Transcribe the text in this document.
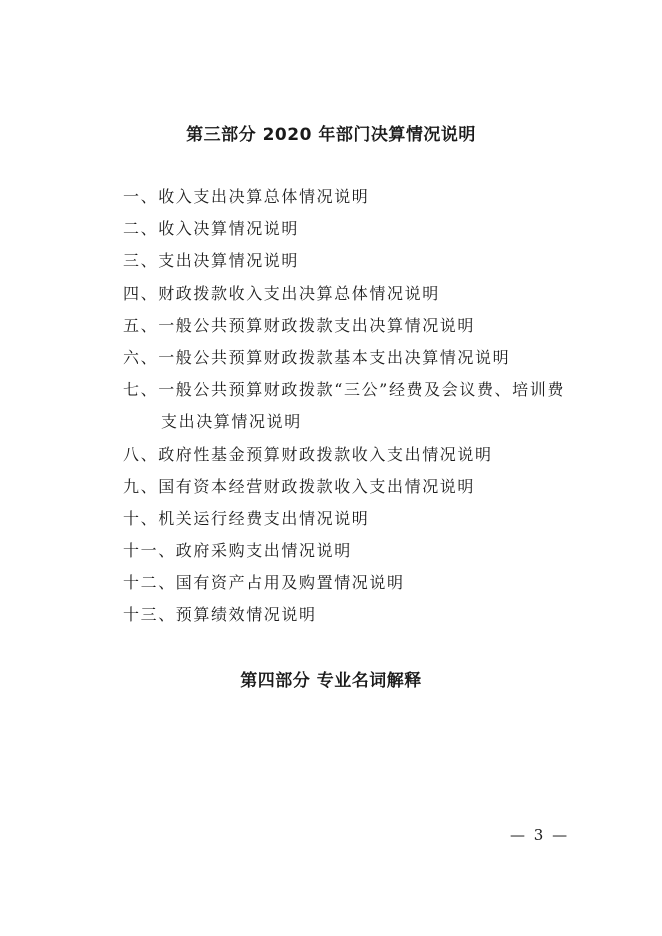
第三部分 2020 年部门决算情况说明
一、收入支出决算总体情况说明
二、收入决算情况说明
三、支出决算情况说明
四、财政拨款收入支出决算总体情况说明
五、一般公共预算财政拨款支出决算情况说明
六、一般公共预算财政拨款基本支出决算情况说明
七、一般公共预算财政拨款“三公”经费及会议费、培训费
支出决算情况说明
八、政府性基金预算财政拨款收入支出情况说明
九、国有资本经营财政拨款收入支出情况说明
十、机关运行经费支出情况说明
十一、政府采购支出情况说明
十二、国有资产占用及购置情况说明
十三、预算绩效情况说明
第四部分 专业名词解释
— 3 —
